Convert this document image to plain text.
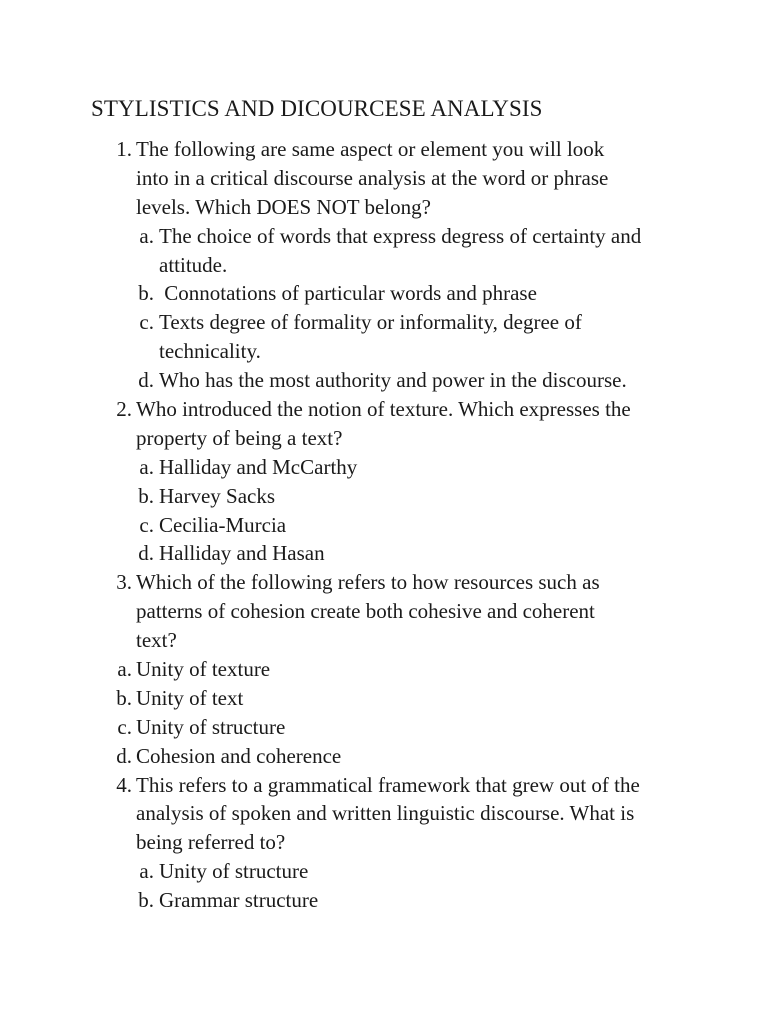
STYLISTICS AND DICOURCESE ANALYSIS
1. The following are same aspect or element you will look
into in a critical discourse analysis at the word or phrase
levels. Which DOES NOT belong?
a. The choice of words that express degress of certainty and
attitude.
b. Connotations of particular words and phrase
c. Texts degree of formality or informality, degree of
technicality.
d. Who has the most authority and power in the discourse.
2. Who introduced the notion of texture. Which expresses the
property of being a text?
a. Halliday and McCarthy
b. Harvey Sacks
c. Cecilia-Murcia
d. Halliday and Hasan
3. Which of the following refers to how resources such as
patterns of cohesion create both cohesive and coherent
text?
a. Unity of texture
b. Unity of text
c. Unity of structure
d. Cohesion and coherence
4. This refers to a grammatical framework that grew out of the
analysis of spoken and written linguistic discourse. What is
being referred to?
a. Unity of structure
b. Grammar structure
